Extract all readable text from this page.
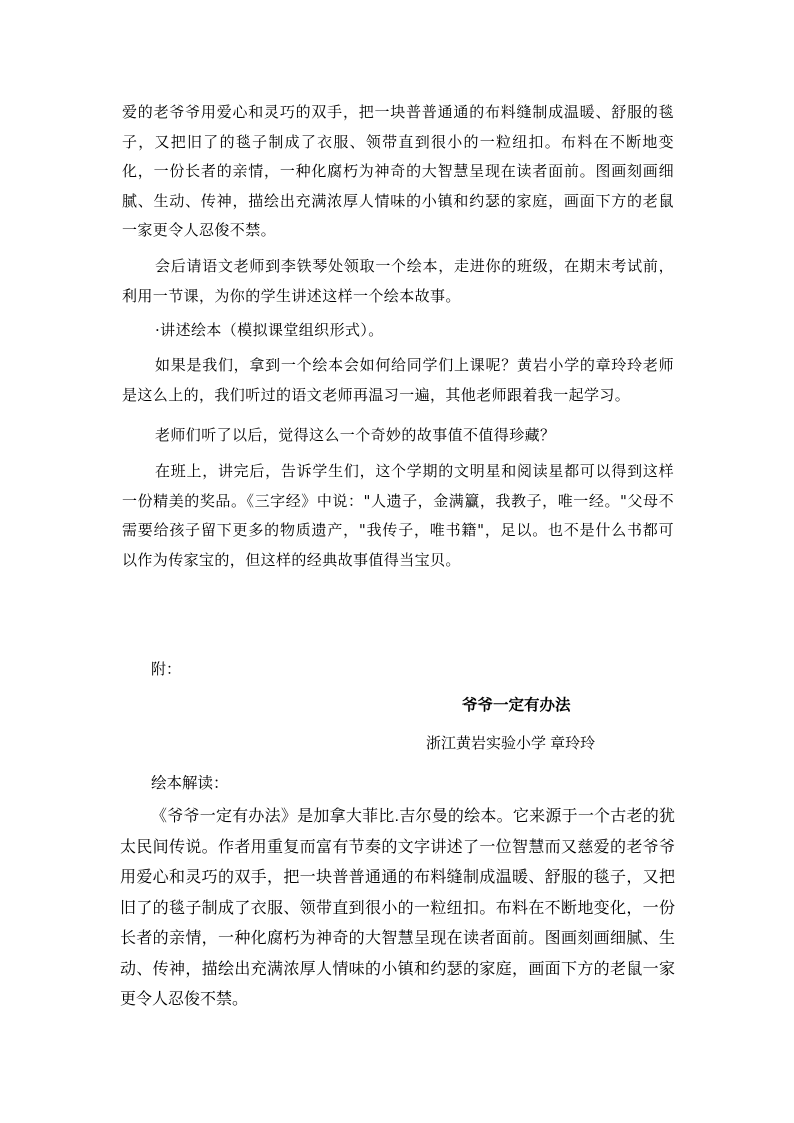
爱的老爷爷用爱心和灵巧的双手，把一块普普通通的布料缝制成温暖、舒服的毯子，又把旧了的毯子制成了衣服、领带直到很小的一粒纽扣。布料在不断地变化，一份长者的亲情，一种化腐朽为神奇的大智慧呈现在读者面前。图画刻画细腻、生动、传神，描绘出充满浓厚人情味的小镇和约瑟的家庭，画面下方的老鼠一家更令人忍俊不禁。

会后请语文老师到李铁琴处领取一个绘本，走进你的班级，在期末考试前，利用一节课，为你的学生讲述这样一个绘本故事。

·讲述绘本（模拟课堂组织形式）。

如果是我们，拿到一个绘本会如何给同学们上课呢？黄岩小学的章玲玲老师是这么上的，我们听过的语文老师再温习一遍，其他老师跟着我一起学习。

老师们听了以后，觉得这么一个奇妙的故事值不值得珍藏？

在班上，讲完后，告诉学生们，这个学期的文明星和阅读星都可以得到这样一份精美的奖品。《三字经》中说："人遗子，金满籯，我教子，唯一经。"父母不需要给孩子留下更多的物质遗产，"我传子，唯书籍"，足以。也不是什么书都可以作为传家宝的，但这样的经典故事值得当宝贝。

附：

爷爷一定有办法

浙江黄岩实验小学 章玲玲

绘本解读：

《爷爷一定有办法》是加拿大菲比.吉尔曼的绘本。它来源于一个古老的犹太民间传说。作者用重复而富有节奏的文字讲述了一位智慧而又慈爱的老爷爷用爱心和灵巧的双手，把一块普普通通的布料缝制成温暖、舒服的毯子，又把旧了的毯子制成了衣服、领带直到很小的一粒纽扣。布料在不断地变化，一份长者的亲情，一种化腐朽为神奇的大智慧呈现在读者面前。图画刻画细腻、生动、传神，描绘出充满浓厚人情味的小镇和约瑟的家庭，画面下方的老鼠一家更令人忍俊不禁。
